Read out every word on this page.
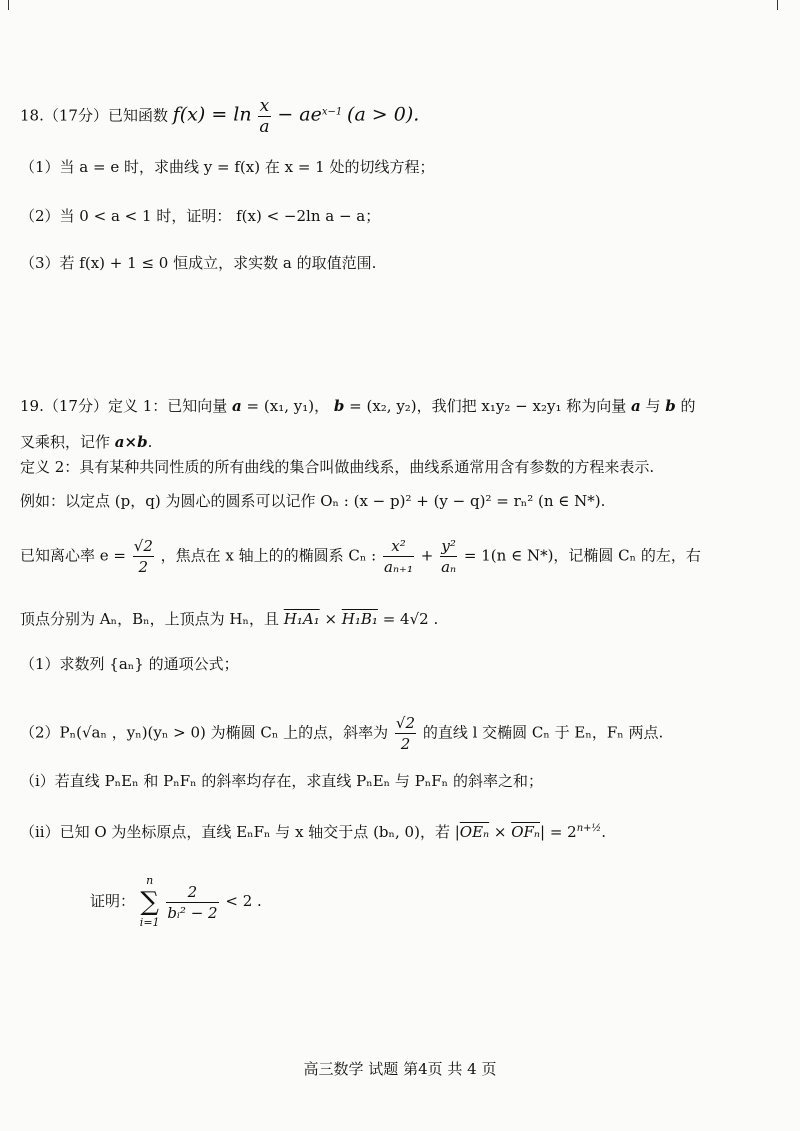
18.（17分）已知函数 $f(x) = \ln \frac{x}{a} - ae^{x-1}$ (a > 0).
（1）当 a = e 时，求曲线 y = f(x) 在 x = 1 处的切线方程；
（2）当 0 < a < 1 时，证明： f(x) < −2ln a − a；
（3）若 f(x) + 1 ≤ 0 恒成立，求实数 a 的取值范围.
19.（17分）定义 1：已知向量 a = (x₁, y₁)， b = (x₂, y₂)，我们把 x₁y₂ − x₂y₁ 称为向量 a 与 b 的
叉乘积，记作 a×b.
定义 2：具有某种共同性质的所有曲线的集合叫做曲线系，曲线系通常用含有参数的方程来表示.
例如：以定点 (p，q) 为圆心的圆系可以记作 Oₙ : (x − p)² + (y − q)² = rₙ² (n ∈ N*).
已知离心率 $e = \frac{√2}{2}$ ，焦点在 x 轴上的的椭圆系 Cₙ : $\frac{\text{x²}}{\text{aₙ₊₁}} + \frac{\text{y²}}{\text{aₙ}} = 1(n$ ∈ N*)，记椭圆 Cₙ 的左，右
顶点分别为 Aₙ，Bₙ，上顶点为 Hₙ，且 H₁A₁ × H₁B₁ = 4√2 .
（1）求数列 {aₙ} 的通项公式；
（2）Pₙ(√aₙ ，yₙ)(yₙ > 0) 为椭圆 Cₙ 上的点，斜率为 $\frac{√2}{2}$ 的直线 l 交椭圆 Cₙ 于 Eₙ，Fₙ 两点.
（i）若直线 PₙEₙ 和 PₙFₙ 的斜率均存在，求直线 PₙEₙ 与 PₙFₙ 的斜率之和；
（ii）已知 O 为坐标原点，直线 EₙFₙ 与 x 轴交于点 (bₙ, 0)，若 $|\overline{OE_n} \times \overline{OF_n}| = 2^{n+\frac{1}{2}}$.
证明：
n
∑
i=1
$\frac{2}{\text{bᵢ² − 2}} < 2$ .
高三数学 试题 第4页 共 4 页
